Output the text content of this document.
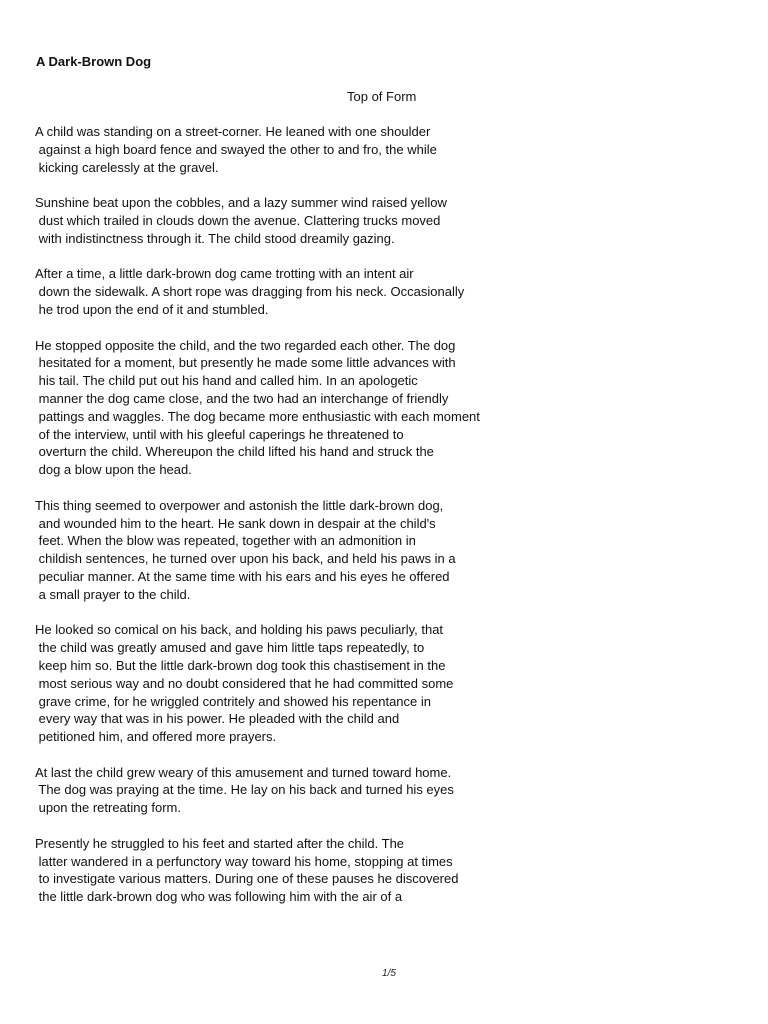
A Dark-Brown Dog
Top of Form
A child was standing on a street-corner. He leaned with one shoulder
against a high board fence and swayed the other to and fro, the while
kicking carelessly at the gravel.
Sunshine beat upon the cobbles, and a lazy summer wind raised yellow
dust which trailed in clouds down the avenue. Clattering trucks moved
with indistinctness through it. The child stood dreamily gazing.
After a time, a little dark-brown dog came trotting with an intent air
down the sidewalk. A short rope was dragging from his neck. Occasionally
he trod upon the end of it and stumbled.
He stopped opposite the child, and the two regarded each other. The dog
hesitated for a moment, but presently he made some little advances with
his tail. The child put out his hand and called him. In an apologetic
manner the dog came close, and the two had an interchange of friendly
pattings and waggles. The dog became more enthusiastic with each moment
of the interview, until with his gleeful caperings he threatened to
overturn the child. Whereupon the child lifted his hand and struck the
dog a blow upon the head.
This thing seemed to overpower and astonish the little dark-brown dog,
and wounded him to the heart. He sank down in despair at the child's
feet. When the blow was repeated, together with an admonition in
childish sentences, he turned over upon his back, and held his paws in a
peculiar manner. At the same time with his ears and his eyes he offered
a small prayer to the child.
He looked so comical on his back, and holding his paws peculiarly, that
the child was greatly amused and gave him little taps repeatedly, to
keep him so. But the little dark-brown dog took this chastisement in the
most serious way and no doubt considered that he had committed some
grave crime, for he wriggled contritely and showed his repentance in
every way that was in his power. He pleaded with the child and
petitioned him, and offered more prayers.
At last the child grew weary of this amusement and turned toward home.
The dog was praying at the time. He lay on his back and turned his eyes
upon the retreating form.
Presently he struggled to his feet and started after the child. The
latter wandered in a perfunctory way toward his home, stopping at times
to investigate various matters. During one of these pauses he discovered
the little dark-brown dog who was following him with the air of a
1/5
